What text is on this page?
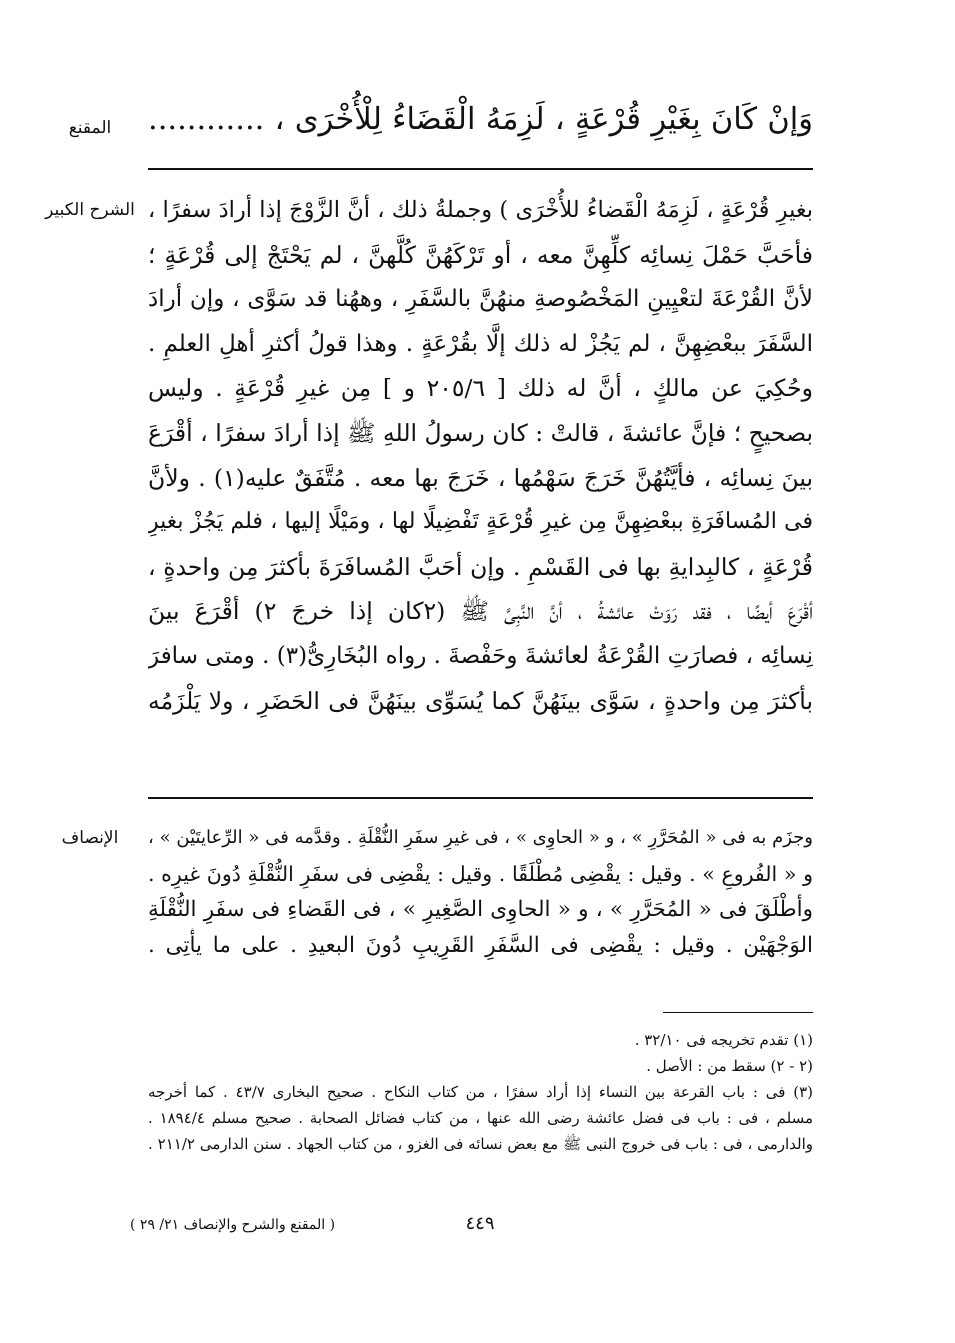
المقنع
الشرح الكبير
الإنصاف
وَإنْ كَانَ بِغَيْرِ قُرْعَةٍ ، لَزِمَهُ الْقَضَاءُ لِلْأُخْرَى ، ............
بغيرِ قُرْعَةٍ ، لَزِمَهُ الْقَضاءُ للأُخْرَى ) وجملةُ ذلك ، أنَّ الزَّوْجَ إذا أرادَ سفرًا ،
فأحَبَّ حَمْلَ نِسائِه كلِّهِنَّ معه ، أو تَرْكَهُنَّ كُلَّهنَّ ، لم يَحْتَجْ إلى قُرْعَةٍ ؛
لأنَّ القُرْعَةَ لتعْيِينِ المَخْصُوصةِ منهُنَّ بالسَّفَرِ ، وههُنا قد سَوَّى ، وإن أرادَ
السَّفَرَ ببعْضِهِنَّ ، لم يَجُزْ له ذلك إلَّا بقُرْعَةٍ . وهذا قولُ أكثرِ أهلِ العلمِ .
وحُكِيَ عن مالكٍ ، أنَّ له ذلك [ ٢٠٥/٦ و ] مِن غيرِ قُرْعَةٍ . وليس
بصحيحٍ ؛ فإنَّ عائشةَ ، قالتْ : كان رسولُ اللهِ ﷺ إذا أرادَ سفرًا ، أقْرَعَ
بينَ نِسائِه ، فأيَّتُهُنَّ خَرَجَ سَهْمُها ، خَرَجَ بها معه . مُتَّفَقٌ عليه(١) . ولأنَّ
فى المُسافَرَةِ ببعْضِهِنَّ مِن غيرِ قُرْعَةٍ تَفْضِيلًا لها ، ومَيْلًا إليها ، فلم يَجُزْ بغيرِ
قُرْعَةٍ ، كالبِدايةِ بها فى القَسْمِ . وإن أحَبَّ المُسافَرَةَ بأكثرَ مِن واحدةٍ ،
أقْرَعَ أيضًا ، فقد رَوَتْ عائشةُ ، أنَّ النَّبِىَّ ﷺ (٢كان إذا خرجَ ٢) أقْرَعَ بينَ
نِسائِه ، فصارَتِ القُرْعَةُ لعائشةَ وحَفْصةَ . رواه البُخَارِىُّ(٣) . ومتى سافرَ
بأكثرَ مِن واحدةٍ ، سَوَّى بينَهُنَّ كما يُسَوِّى بينَهُنَّ فى الحَضَرِ ، ولا يَلْزَمُه
وجزَم به فى « المُحَرَّرِ » ، و « الحاوِى » ، فى غيرِ سفَرِ النُّقْلَةِ . وقدَّمه فى « الرِّعايتَيْن » ،
و « الفُروعِ » . وقيل : يقْضِى مُطْلَقًا . وقيل : يقْضِى فى سفَرِ النُّقْلَةِ دُونَ غيرِه .
وأطْلَقَ فى « المُحَرَّرِ » ، و « الحاوِى الصَّغِيرِ » ، فى القَضاءِ فى سفَرِ النُّقْلَةِ
الوَجْهَيْن . وقيل : يقْضِى فى السَّفَرِ القَرِيبِ دُونَ البعيدِ . على ما يأْتِى .
(١) تقدم تخريجه فى ٣٢/١٠ .
(٢ - ٢) سقط من : الأصل .
(٣) فى : باب القرعة بين النساء إذا أراد سفرًا ، من كتاب النكاح . صحيح البخارى ٤٣/٧ . كما أخرجه
مسلم ، فى : باب فى فضل عائشة رضى الله عنها ، من كتاب فضائل الصحابة . صحيح مسلم ١٨٩٤/٤ .
والدارمى ، فى : باب فى خروج النبى ﷺ مع بعض نسائه فى الغزو ، من كتاب الجهاد . سنن الدارمى ٢١١/٢ .
٤٤٩
( المقنع والشرح والإنصاف ٢١/ ٢٩ )
